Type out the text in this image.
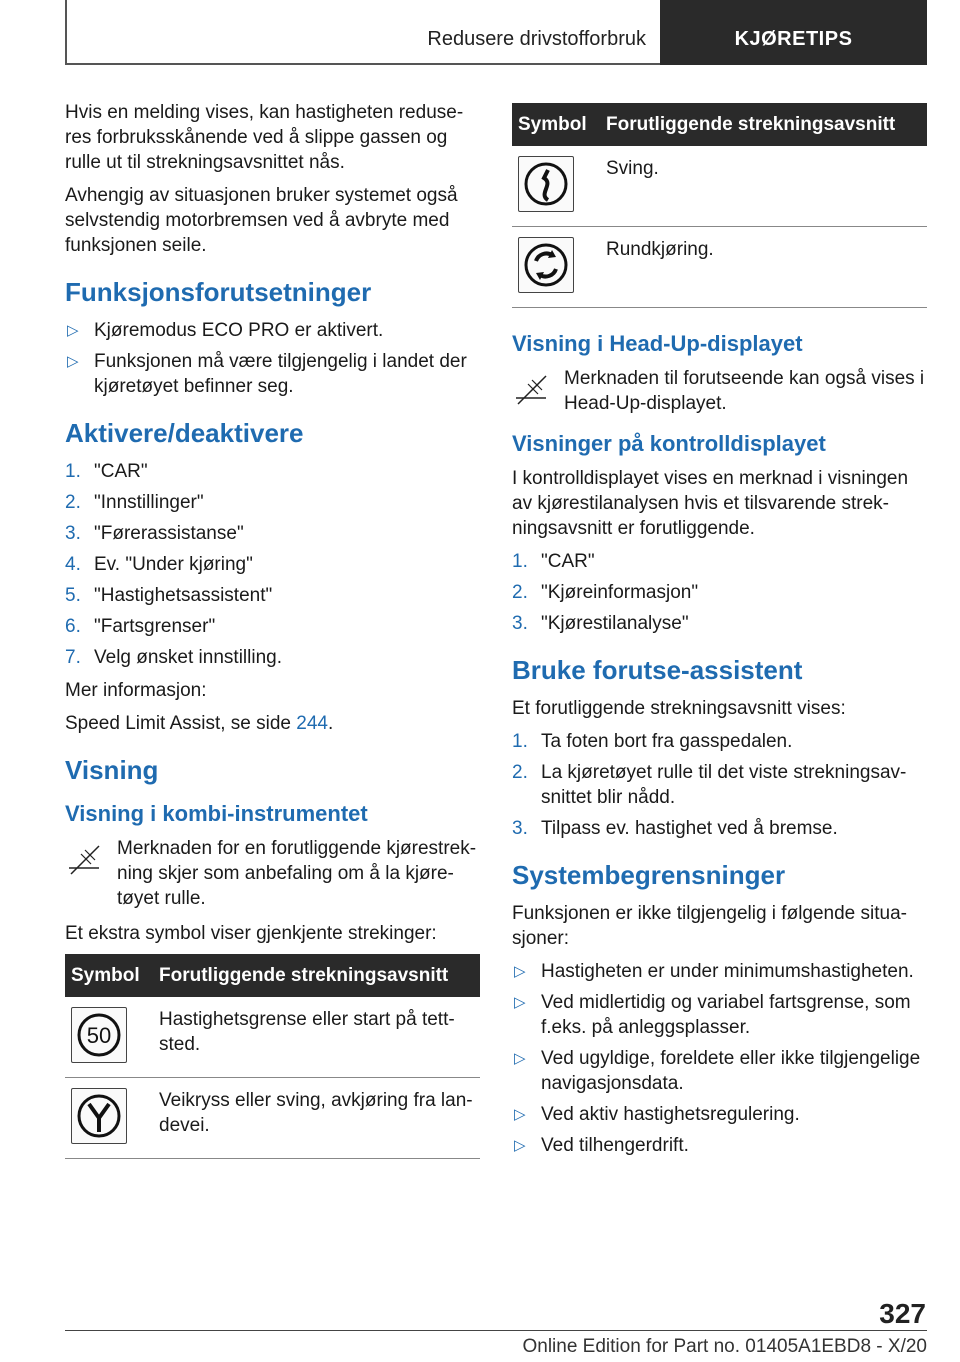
Redusere drivstofforbruk	KJØRETIPS

Hvis en melding vises, kan hastigheten reduse-res forbruksskånende ved å slippe gassen og rulle ut til strekningsavsnittet nås.

Avhengig av situasjonen bruker systemet også selvstendig motorbremsen ved å avbryte med funksjonen seile.

Funksjonsforutsetninger
▷ Kjøremodus ECO PRO er aktivert.
▷ Funksjonen må være tilgjengelig i landet der kjøretøyet befinner seg.
Aktivere/deaktivere
1. "CAR"
2. "Innstillinger"
3. "Førerassistanse"
4. Ev. "Under kjøring"
5. "Hastighetsassistent"
6. "Fartsgrenser"
7. Velg ønsket innstilling.

Mer informasjon:

Speed Limit Assist, se side 244.

Visning
Visning i kombi-instrumentet
Merknaden for en forutliggende kjørestrek-ning skjer som anbefaling om å la kjøre-tøyet rulle.

Et ekstra symbol viser gjenkjente strekinger:

Symbol	Forutliggende strekningsavsnitt

50	Hastighetsgrense eller start på tett-sted.

	Veikryss eller sving, avkjøring fra lan-devei.
Symbol	Forutliggende strekningsavsnitt

	Sving.

	Rundkjøring.
Visning i Head-Up-displayet
Merknaden til forutseende kan også vises i Head-Up-displayet.
Visninger på kontrolldisplayet

I kontrolldisplayet vises en merknad i visningen av kjørestilanalysen hvis et tilsvarende strek-ningsavsnitt er forutliggende.

1. "CAR"
2. "Kjøreinformasjon"
3. "Kjørestilanalyse"
Bruke forutse-assistent

Et forutliggende strekningsavsnitt vises:

1. Ta foten bort fra gasspedalen.
2. La kjøretøyet rulle til det viste strekningsav-snittet blir nådd.
3. Tilpass ev. hastighet ved å bremse.
Systembegrensninger

Funksjonen er ikke tilgjengelig i følgende situa-sjoner:

▷ Hastigheten er under minimumshastigheten.
▷ Ved midlertidig og variabel fartsgrense, som f.eks. på anleggsplasser.
▷ Ved ugyldige, foreldete eller ikke tilgjengelige navigasjonsdata.
▷ Ved aktiv hastighetsregulering.
▷ Ved tilhengerdrift.
327
Online Edition for Part no. 01405A1EBD8 - X/20
